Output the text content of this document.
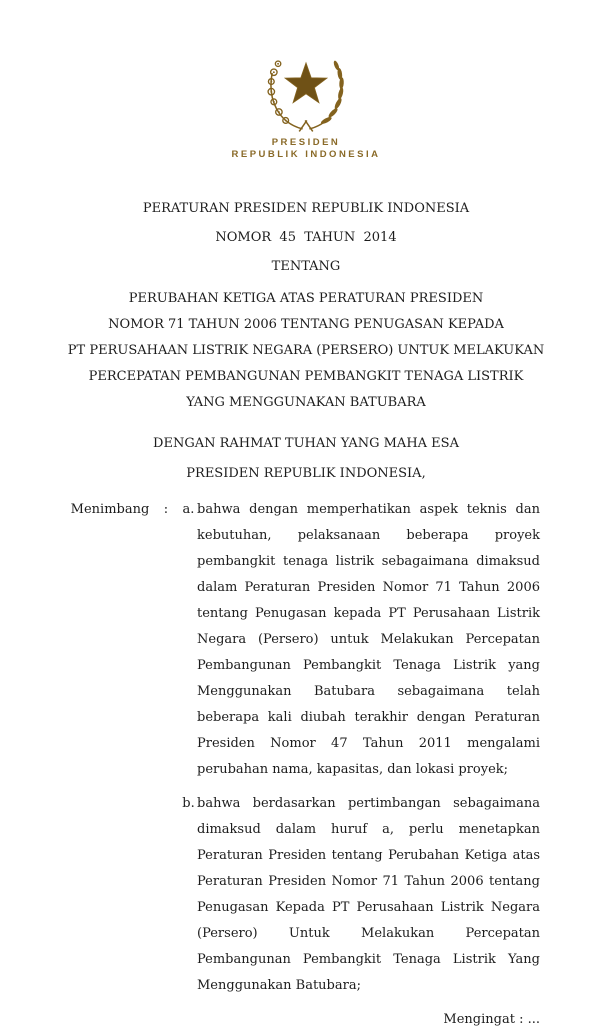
PRESIDEN
REPUBLIK INDONESIA
PERATURAN PRESIDEN REPUBLIK INDONESIA
NOMOR  45  TAHUN  2014
TENTANG
PERUBAHAN KETIGA ATAS PERATURAN PRESIDEN
NOMOR 71 TAHUN 2006 TENTANG PENUGASAN KEPADA
PT PERUSAHAAN LISTRIK NEGARA (PERSERO) UNTUK MELAKUKAN
PERCEPATAN PEMBANGUNAN PEMBANGKIT TENAGA LISTRIK
YANG MENGGUNAKAN BATUBARA
DENGAN RAHMAT TUHAN YANG MAHA ESA
PRESIDEN REPUBLIK INDONESIA,
Menimbang	:	a. bahwa dengan memperhatikan aspek teknis dan kebutuhan, pelaksanaan beberapa proyek pembangkit tenaga listrik sebagaimana dimaksud dalam Peraturan Presiden Nomor 71 Tahun 2006 tentang Penugasan kepada PT Perusahaan Listrik Negara (Persero) untuk Melakukan Percepatan Pembangunan Pembangkit Tenaga Listrik yang Menggunakan Batubara sebagaimana telah beberapa kali diubah terakhir dengan Peraturan Presiden Nomor 47 Tahun 2011 mengalami perubahan nama, kapasitas, dan lokasi proyek;
b. bahwa berdasarkan pertimbangan sebagaimana dimaksud dalam huruf a, perlu menetapkan Peraturan Presiden tentang Perubahan Ketiga atas Peraturan Presiden Nomor 71 Tahun 2006 tentang Penugasan Kepada PT Perusahaan Listrik Negara (Persero) Untuk Melakukan Percepatan Pembangunan Pembangkit Tenaga Listrik Yang Menggunakan Batubara;
Mengingat : ...
